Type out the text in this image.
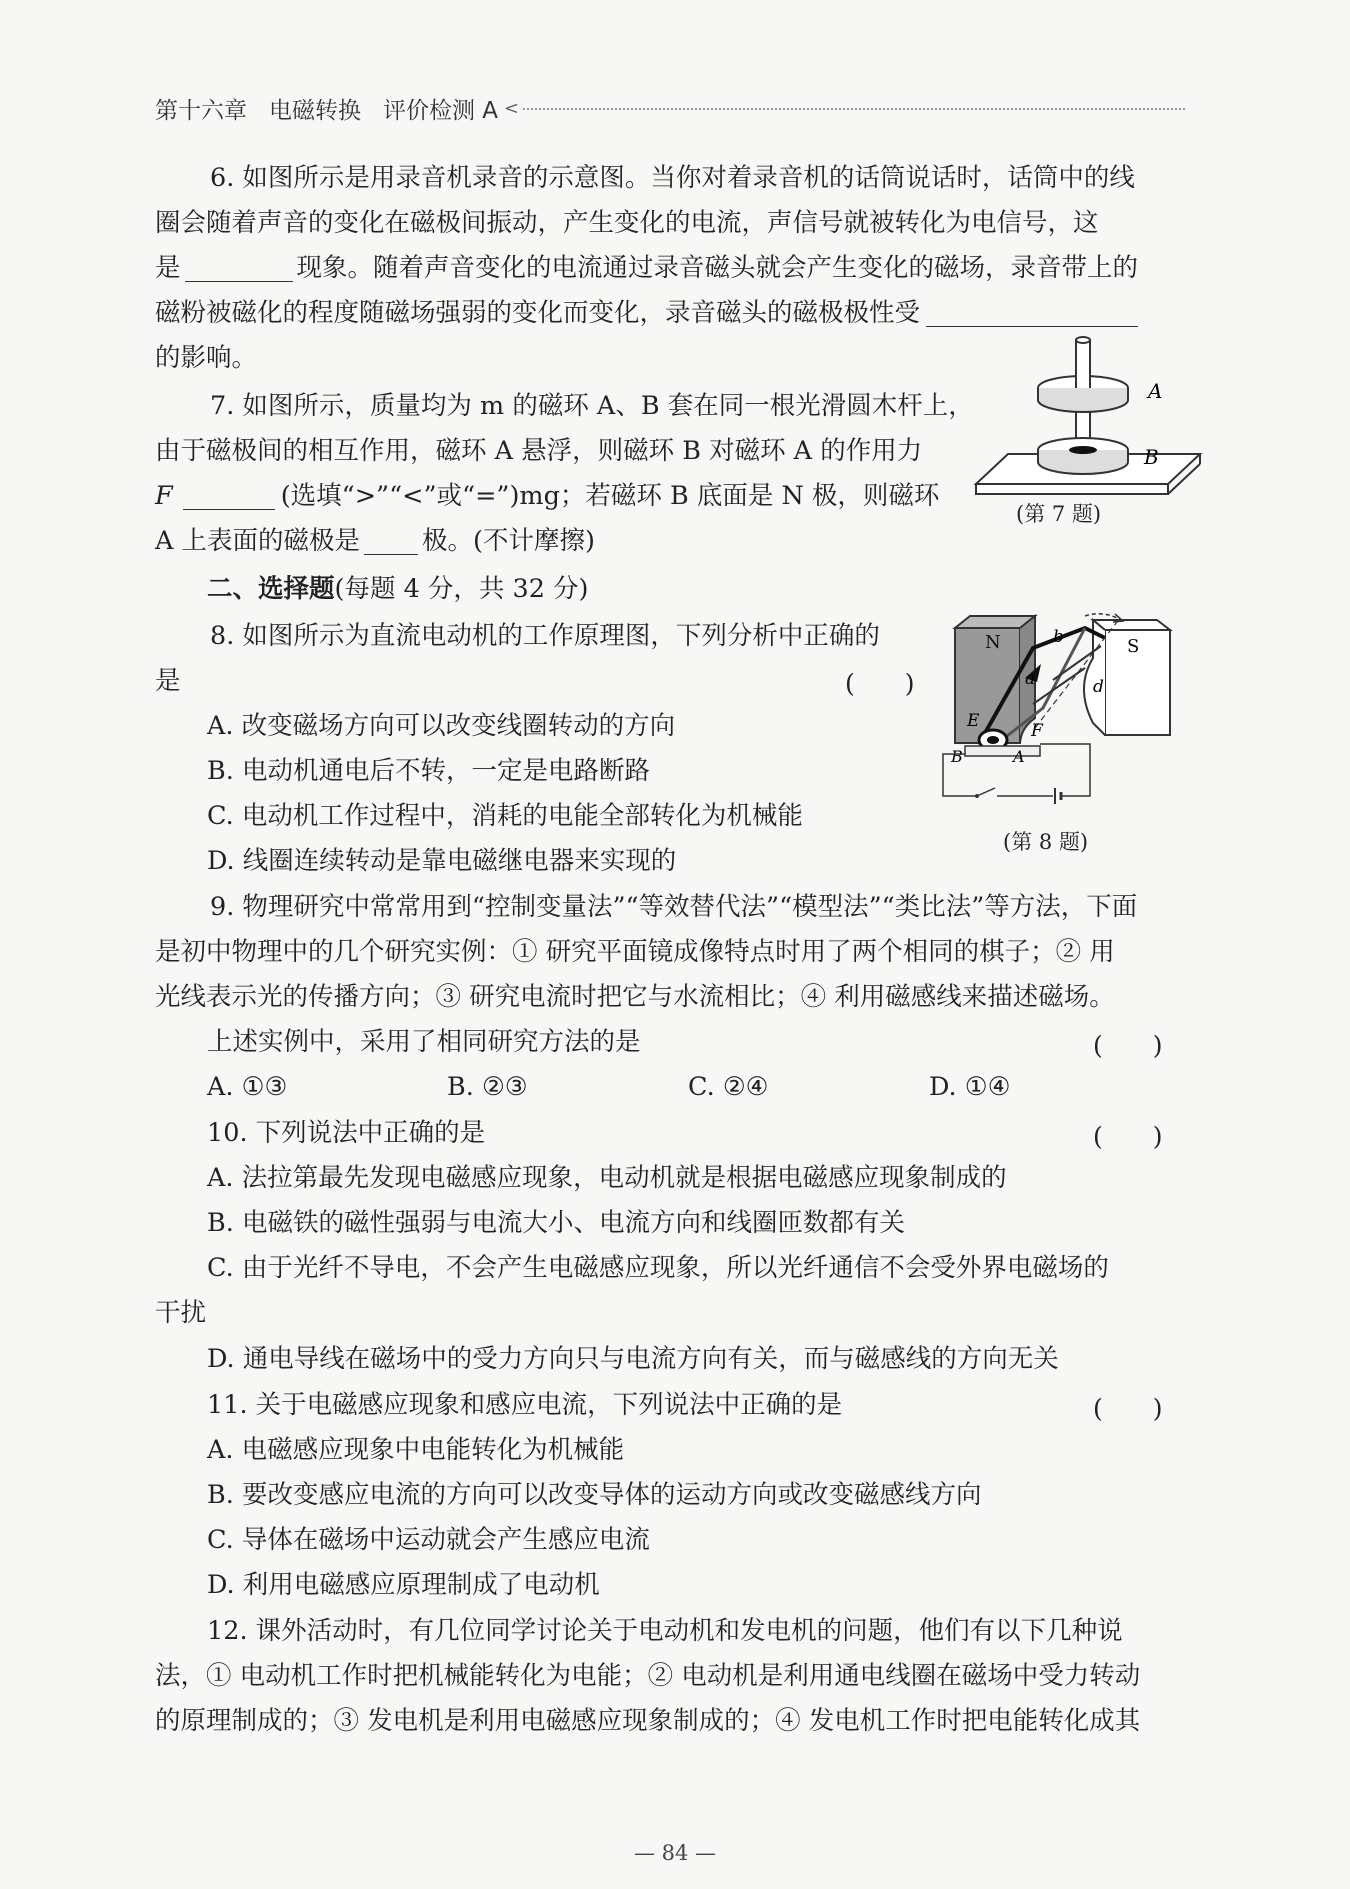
第十六章 电磁转换 评价检测 A <
6. 如图所示是用录音机录音的示意图。当你对着录音机的话筒说话时，话筒中的线
圈会随着声音的变化在磁极间振动，产生变化的电流，声信号就被转化为电信号，这
是	现象。随着声音变化的电流通过录音磁头就会产生变化的磁场，录音带上的
磁粉被磁化的程度随磁场强弱的变化而变化，录音磁头的磁极极性受
的影响。
7. 如图所示，质量均为 m 的磁环 A、B 套在同一根光滑圆木杆上，
由于磁极间的相互作用，磁环 A 悬浮，则磁环 B 对磁环 A 的作用力
F	(选填“>”“<”或“=”)mg；若磁环 B 底面是 N 极，则磁环
A 上表面的磁极是 极。(不计摩擦)
A
B
(第 7 题)
二、选择题(每题 4 分，共 32 分)
8. 如图所示为直流电动机的工作原理图，下列分析中正确的
是	(　　)
A. 改变磁场方向可以改变线圈转动的方向
B. 电动机通电后不转，一定是电路断路
C. 电动机工作过程中，消耗的电能全部转化为机械能
D. 线圈连续转动是靠电磁继电器来实现的
N	S
a
b
d
E	F
B	A
(第 8 题)
9. 物理研究中常常用到“控制变量法”“等效替代法”“模型法”“类比法”等方法，下面
是初中物理中的几个研究实例：① 研究平面镜成像特点时用了两个相同的棋子；② 用
光线表示光的传播方向；③ 研究电流时把它与水流相比；④ 利用磁感线来描述磁场。
上述实例中，采用了相同研究方法的是	(　　)
A. ①③	B. ②③	C. ②④	D. ①④
10. 下列说法中正确的是	(　　)
A. 法拉第最先发现电磁感应现象，电动机就是根据电磁感应现象制成的
B. 电磁铁的磁性强弱与电流大小、电流方向和线圈匝数都有关
C. 由于光纤不导电，不会产生电磁感应现象，所以光纤通信不会受外界电磁场的
干扰
D. 通电导线在磁场中的受力方向只与电流方向有关，而与磁感线的方向无关
11. 关于电磁感应现象和感应电流，下列说法中正确的是	(　　)
A. 电磁感应现象中电能转化为机械能
B. 要改变感应电流的方向可以改变导体的运动方向或改变磁感线方向
C. 导体在磁场中运动就会产生感应电流
D. 利用电磁感应原理制成了电动机
12. 课外活动时，有几位同学讨论关于电动机和发电机的问题，他们有以下几种说
法，① 电动机工作时把机械能转化为电能；② 电动机是利用通电线圈在磁场中受力转动
的原理制成的；③ 发电机是利用电磁感应现象制成的；④ 发电机工作时把电能转化成其
— 84 —
